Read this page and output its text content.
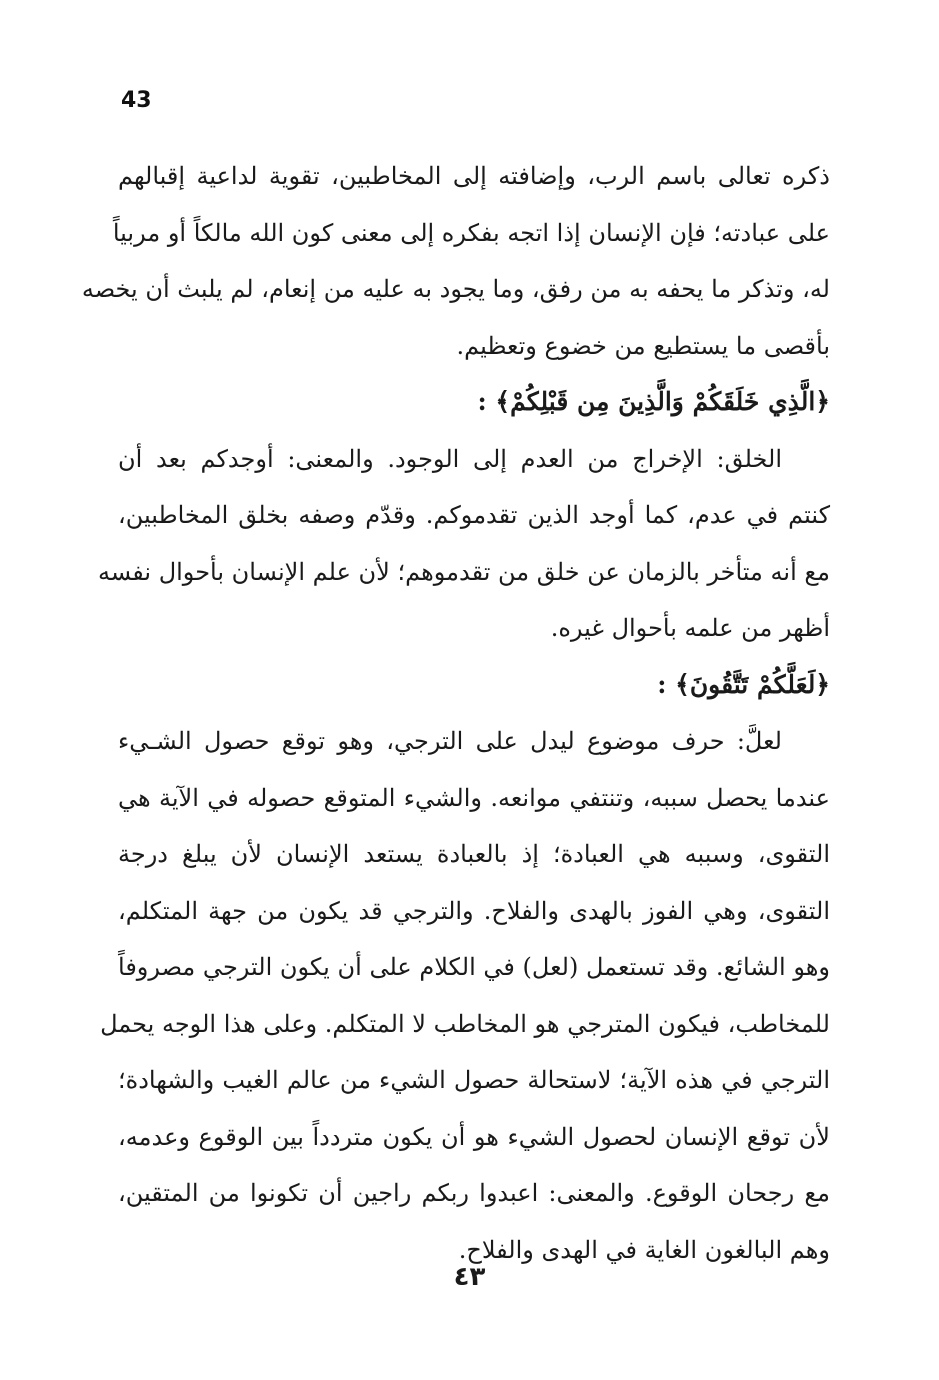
43
ذكره تعالى باسم الرب، وإضافته إلى المخاطبين، تقوية لداعية إقبالهم
على عبادته؛ فإن الإنسان إذا اتجه بفكره إلى معنى كون الله مالكاً أو مربياً
له، وتذكر ما يحفه به من رفق، وما يجود به عليه من إنعام، لم يلبث أن يخصه
بأقصى ما يستطيع من خضوع وتعظيم.
﴿الَّذِي خَلَقَكُمْ وَالَّذِينَ مِن قَبْلِكُمْ﴾ :
الخلق: الإخراج من العدم إلى الوجود. والمعنى: أوجدكم بعد أن
كنتم في عدم، كما أوجد الذين تقدموكم. وقدّم وصفه بخلق المخاطبين،
مع أنه متأخر بالزمان عن خلق من تقدموهم؛ لأن علم الإنسان بأحوال نفسه
أظهر من علمه بأحوال غيره.
﴿لَعَلَّكُمْ تَتَّقُونَ﴾ :
لعلَّ: حرف موضوع ليدل على الترجي، وهو توقع حصول الشـيء
عندما يحصل سببه، وتنتفي موانعه. والشيء المتوقع حصوله في الآية هي
التقوى، وسببه هي العبادة؛ إذ بالعبادة يستعد الإنسان لأن يبلغ درجة
التقوى، وهي الفوز بالهدى والفلاح. والترجي قد يكون من جهة المتكلم،
وهو الشائع. وقد تستعمل (لعل) في الكلام على أن يكون الترجي مصروفاً
للمخاطب، فيكون المترجي هو المخاطب لا المتكلم. وعلى هذا الوجه يحمل
الترجي في هذه الآية؛ لاستحالة حصول الشيء من عالم الغيب والشهادة؛
لأن توقع الإنسان لحصول الشيء هو أن يكون متردداً بين الوقوع وعدمه،
مع رجحان الوقوع. والمعنى: اعبدوا ربكم راجين أن تكونوا من المتقين،
وهم البالغون الغاية في الهدى والفلاح.
٤٣
